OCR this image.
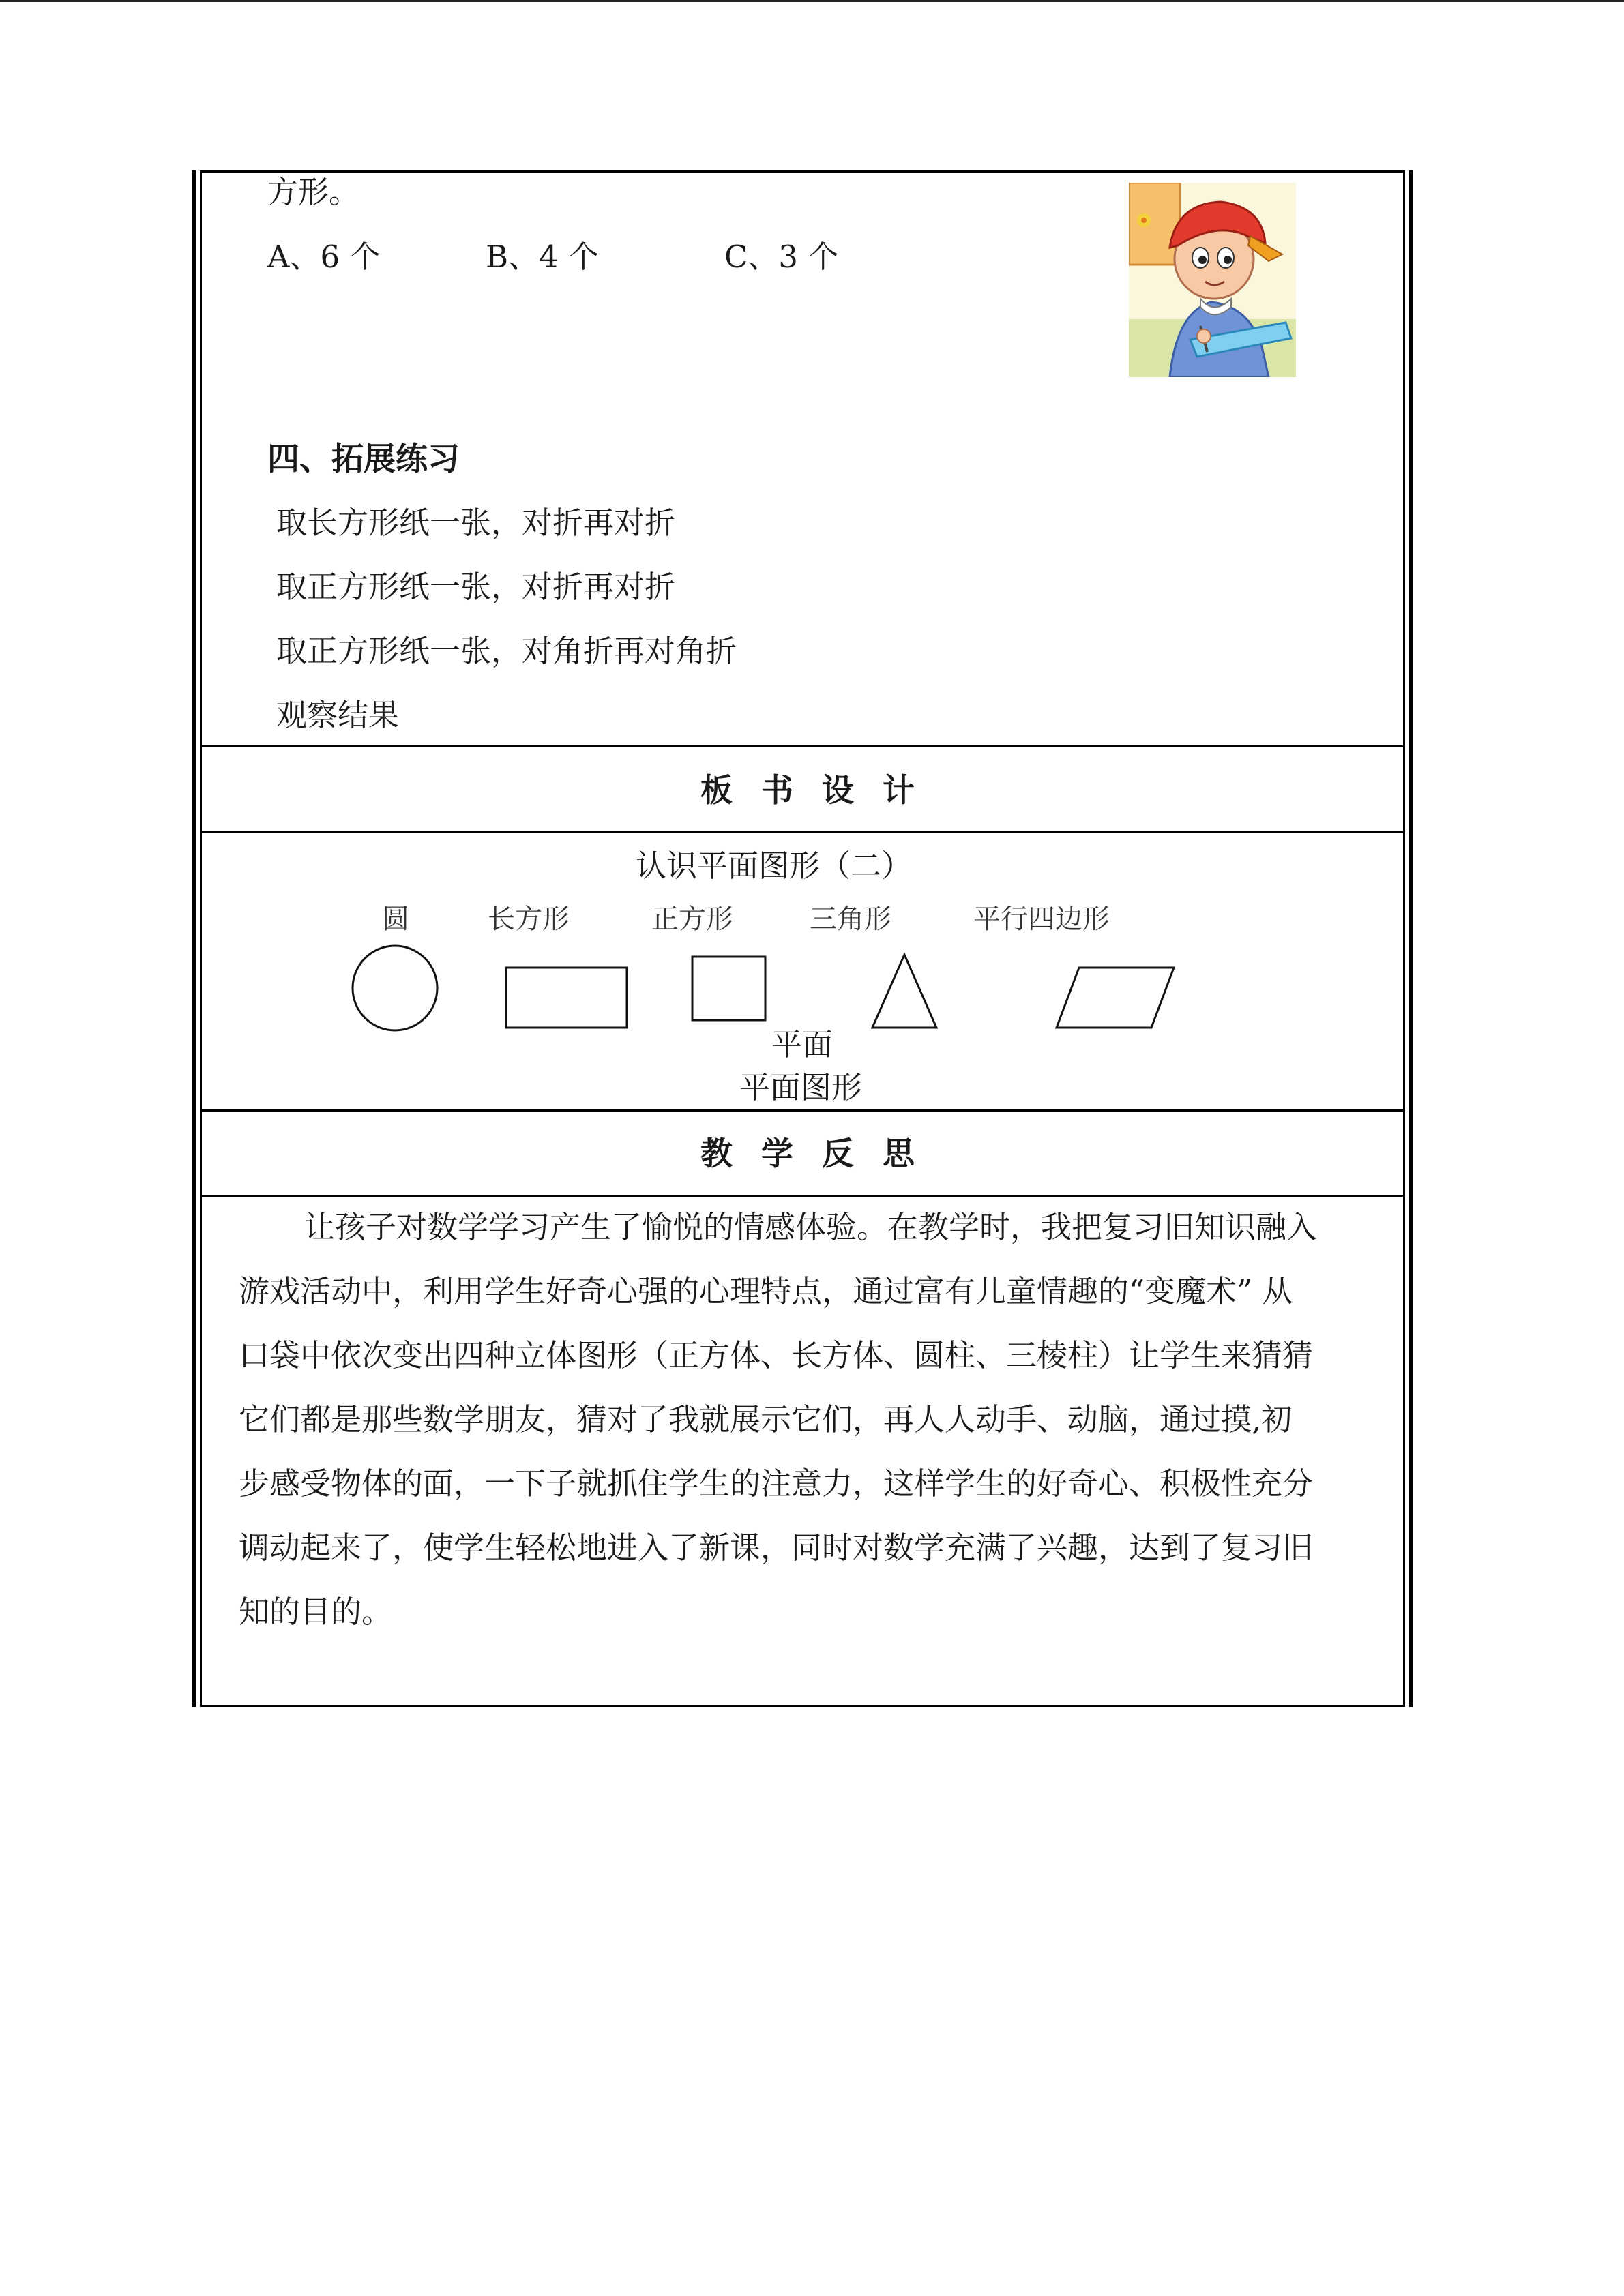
方形。
A、6 个	B、4 个	C、3 个
四、拓展练习
取长方形纸一张，对折再对折
取正方形纸一张，对折再对折
取正方形纸一张，对角折再对角折
观察结果
板书设计
认识平面图形（二）
圆	长方形	正方形	三角形	平行四边形
平面
平面图形
教学反思
让孩子对数学学习产生了愉悦的情感体验。在教学时，我把复习旧知识融入
游戏活动中，利用学生好奇心强的心理特点，通过富有儿童情趣的“变魔术” 从
口袋中依次变出四种立体图形（正方体、长方体、圆柱、三棱柱）让学生来猜猜
它们都是那些数学朋友，猜对了我就展示它们，再人人动手、动脑，通过摸,初
步感受物体的面，一下子就抓住学生的注意力，这样学生的好奇心、积极性充分
调动起来了，使学生轻松地进入了新课，同时对数学充满了兴趣，达到了复习旧
知的目的。
